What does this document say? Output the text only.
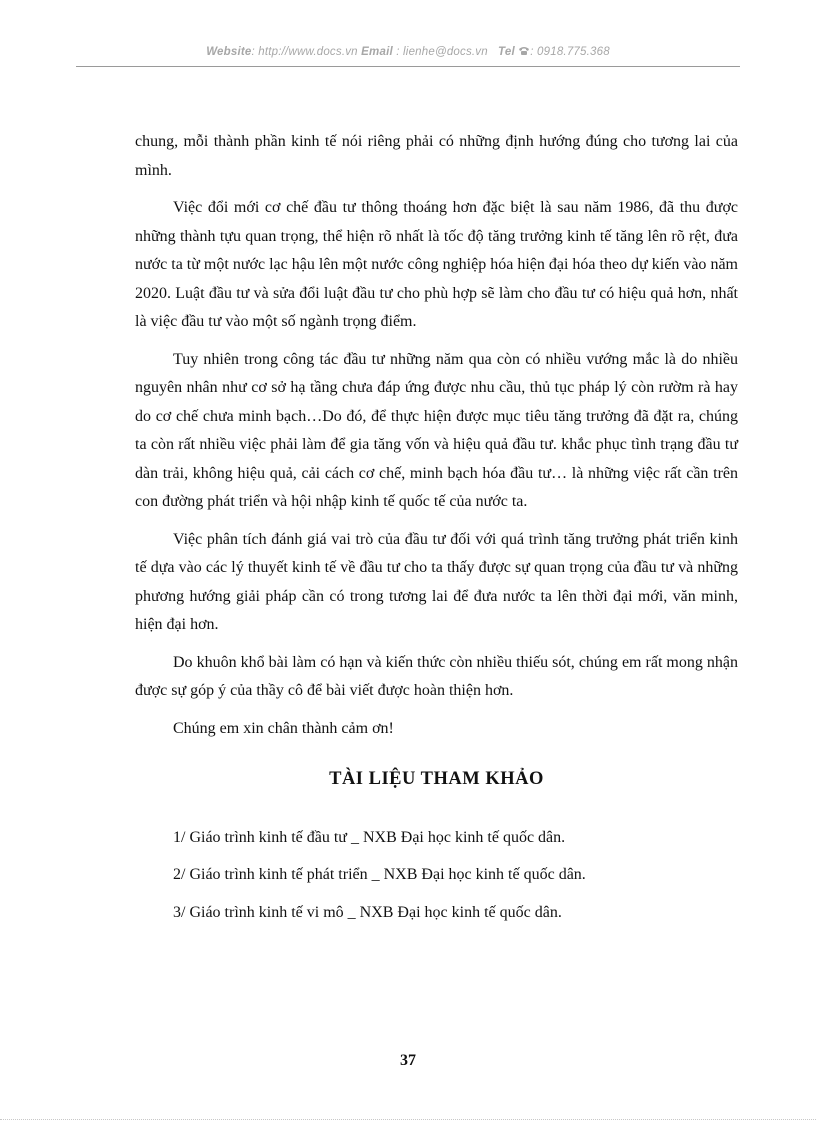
Website: http://www.docs.vn Email : lienhe@docs.vn Tel : 0918.775.368

chung, mỗi thành phần kinh tế nói riêng phải có những định hướng đúng cho tương lai của mình.

Việc đổi mới cơ chế đầu tư thông thoáng hơn đặc biệt là sau năm 1986, đã thu được những thành tựu quan trọng, thể hiện rõ nhất là tốc độ tăng trưởng kinh tế tăng lên rõ rệt, đưa nước ta từ một nước lạc hậu lên một nước công nghiệp hóa hiện đại hóa theo dự kiến vào năm 2020. Luật đầu tư và sửa đổi luật đầu tư cho phù hợp sẽ làm cho đầu tư có hiệu quả hơn, nhất là việc đầu tư vào một số ngành trọng điểm.

Tuy nhiên trong công tác đầu tư những năm qua còn có nhiều vướng mắc là do nhiều nguyên nhân như cơ sở hạ tầng chưa đáp ứng được nhu cầu, thủ tục pháp lý còn rườm rà hay do cơ chế chưa minh bạch…Do đó, để thực hiện được mục tiêu tăng trưởng đã đặt ra, chúng ta còn rất nhiều việc phải làm để gia tăng vốn và hiệu quả đầu tư. khắc phục tình trạng đầu tư dàn trải, không hiệu quả, cải cách cơ chế, minh bạch hóa đầu tư… là những việc rất cần trên con đường phát triển và hội nhập kinh tế quốc tế của nước ta.

Việc phân tích đánh giá vai trò của đầu tư đối với quá trình tăng trưởng phát triển kinh tế dựa vào các lý thuyết kinh tế về đầu tư cho ta thấy được sự quan trọng của đầu tư và những phương hướng giải pháp cần có trong tương lai để đưa nước ta lên thời đại mới, văn minh, hiện đại hơn.

Do khuôn khổ bài làm có hạn và kiến thức còn nhiều thiếu sót, chúng em rất mong nhận được sự góp ý của thầy cô để bài viết được hoàn thiện hơn.

Chúng em xin chân thành cảm ơn!

TÀI LIỆU THAM KHẢO
1/ Giáo trình kinh tế đầu tư _ NXB Đại học kinh tế quốc dân.
2/ Giáo trình kinh tế phát triển _ NXB Đại học kinh tế quốc dân.
3/ Giáo trình kinh tế vi mô _ NXB Đại học kinh tế quốc dân.
37
